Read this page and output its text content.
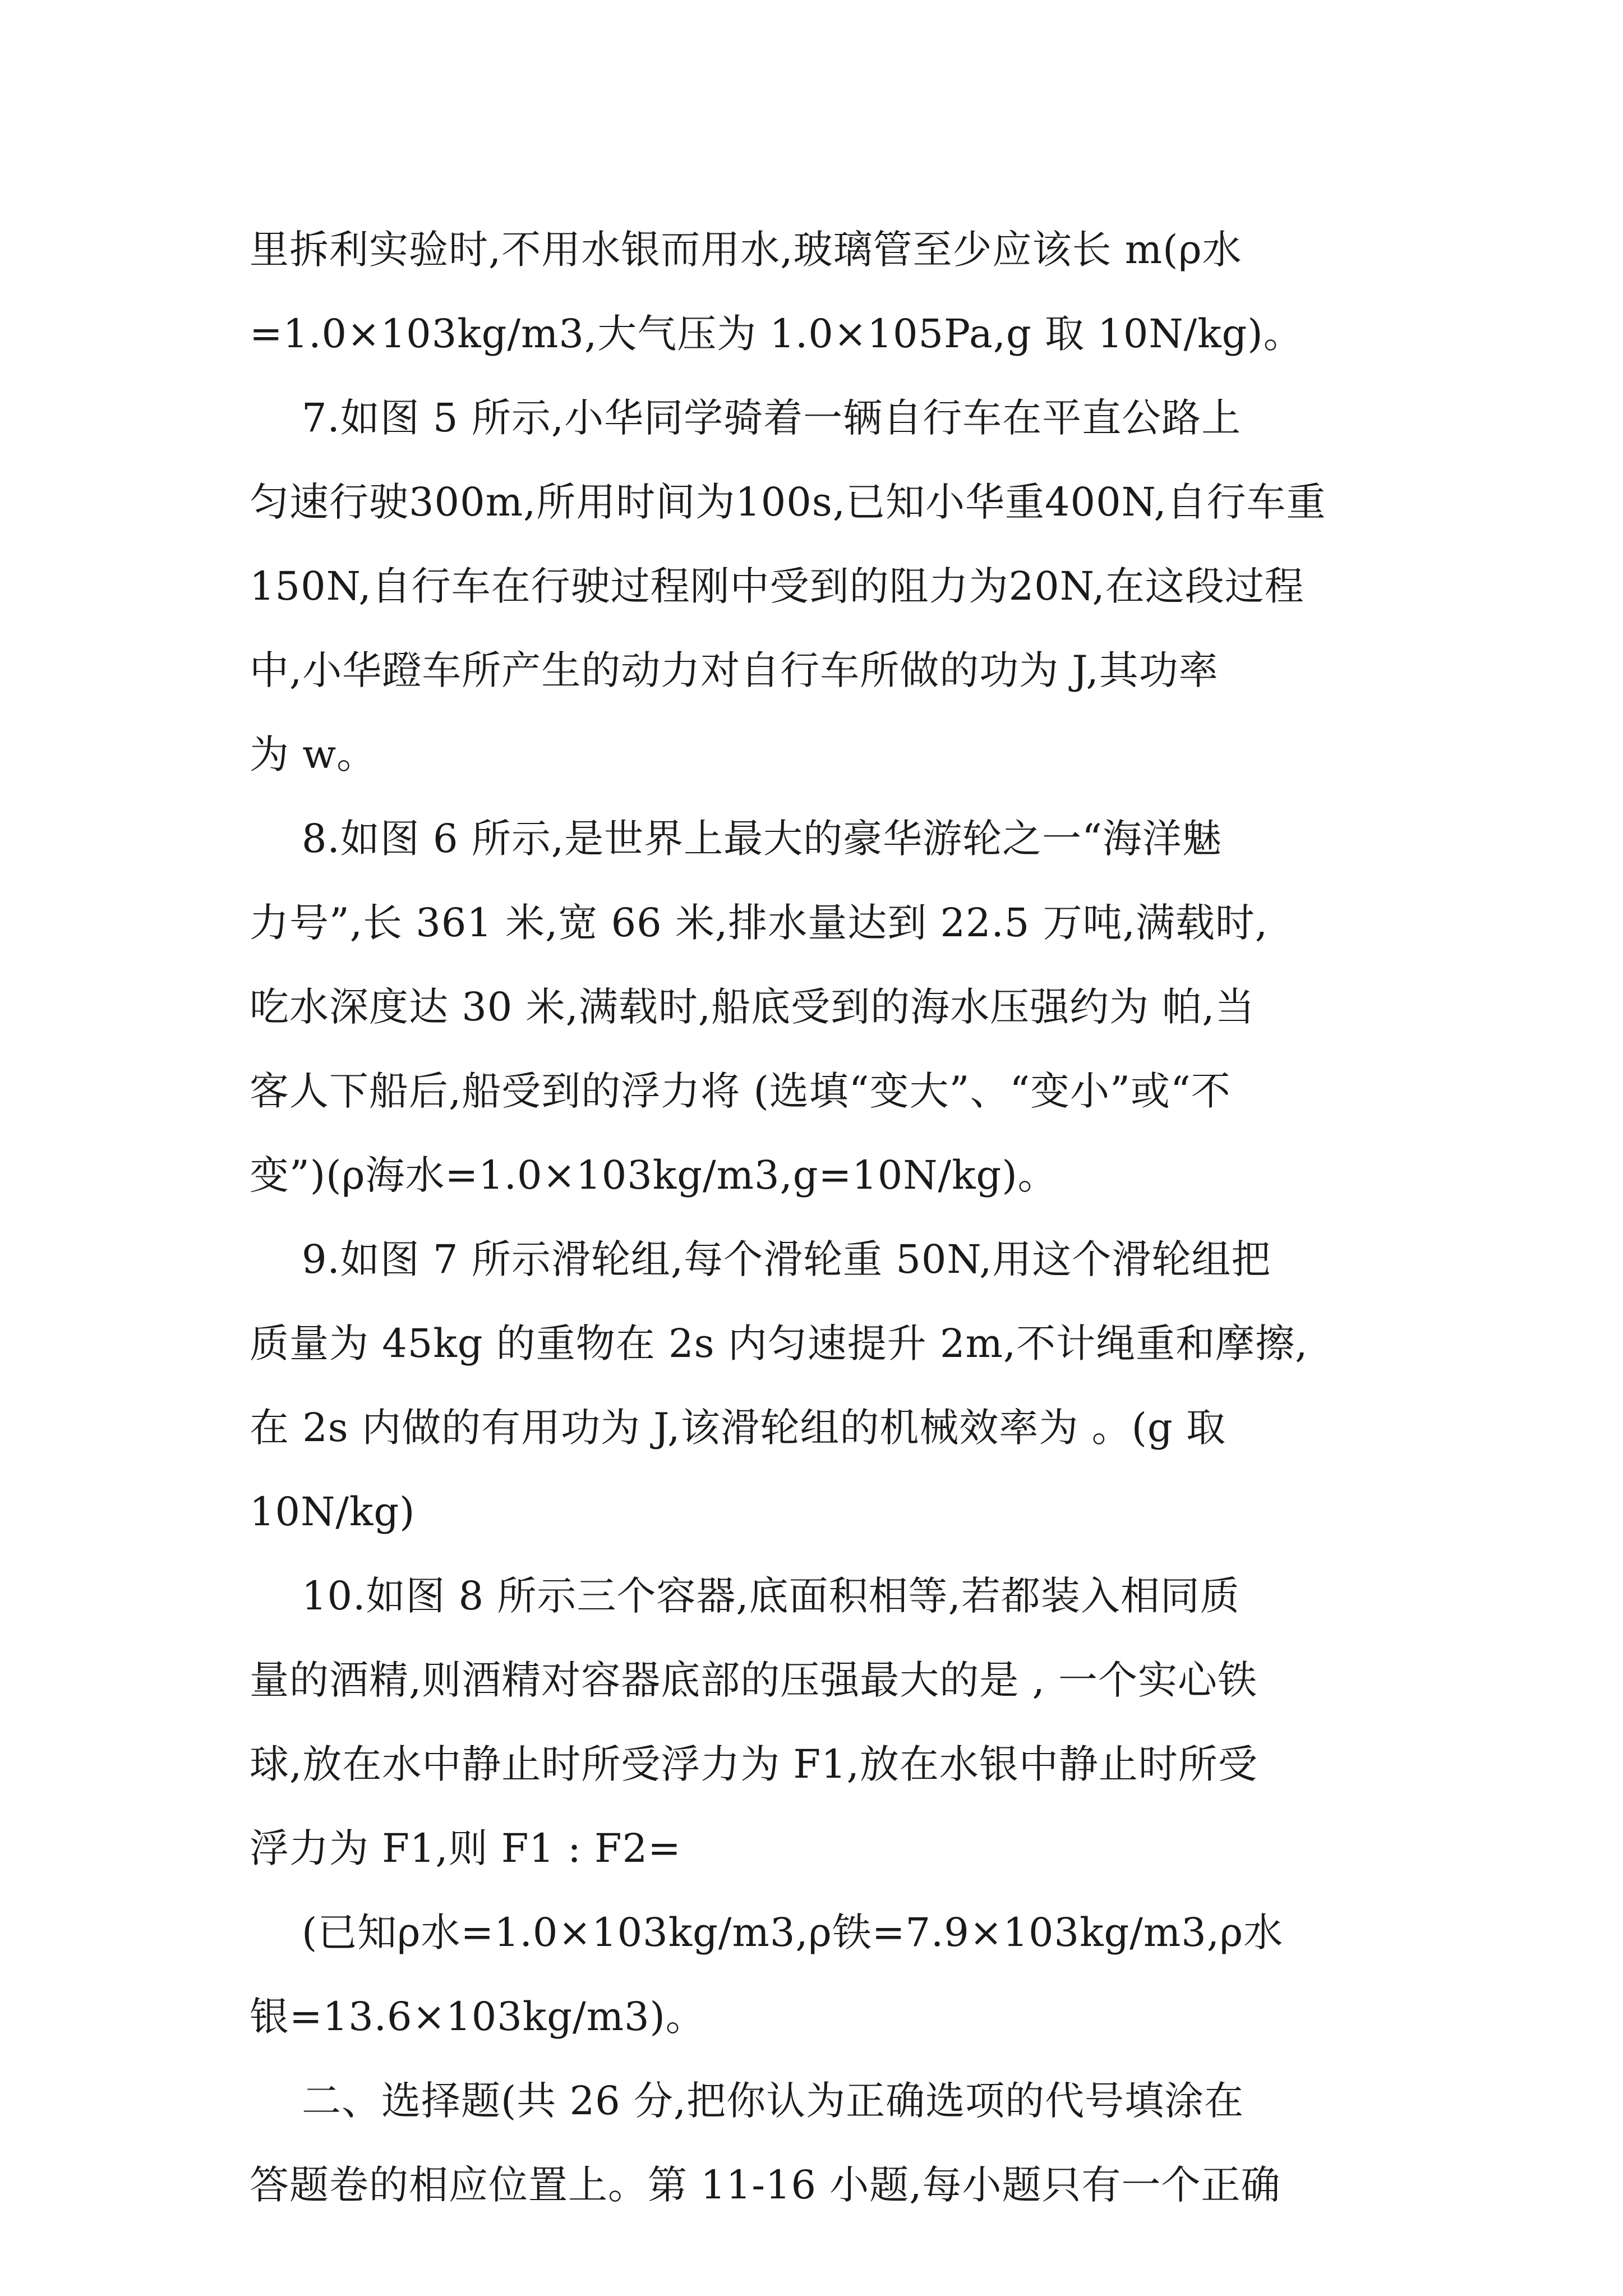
里拆利实验时,不用水银而用水,玻璃管至少应该长 m(ρ水
=1.0×103kg/m3,大气压为 1.0×105Pa,g 取 10N/kg)。
7.如图 5 所示,小华同学骑着一辆自行车在平直公路上
匀速行驶300m,所用时间为100s,已知小华重400N,自行车重
150N,自行车在行驶过程刚中受到的阻力为20N,在这段过程
中,小华蹬车所产生的动力对自行车所做的功为 J,其功率
为 w。
8.如图 6 所示,是世界上最大的豪华游轮之一“海洋魅
力号”,长 361 米,宽 66 米,排水量达到 22.5 万吨,满载时,
吃水深度达 30 米,满载时,船底受到的海水压强约为 帕,当
客人下船后,船受到的浮力将 (选填“变大”、“变小”或“不
变”)(ρ海水=1.0×103kg/m3,g=10N/kg)。
9.如图 7 所示滑轮组,每个滑轮重 50N,用这个滑轮组把
质量为 45kg 的重物在 2s 内匀速提升 2m,不计绳重和摩擦,
在 2s 内做的有用功为 J,该滑轮组的机械效率为 。(g 取
10N/kg)
10.如图 8 所示三个容器,底面积相等,若都装入相同质
量的酒精,则酒精对容器底部的压强最大的是 , 一个实心铁
球,放在水中静止时所受浮力为 F1,放在水银中静止时所受
浮力为 F1,则 F1 : F2=
(已知ρ水=1.0×103kg/m3,ρ铁=7.9×103kg/m3,ρ水
银=13.6×103kg/m3)。
二、选择题(共 26 分,把你认为正确选项的代号填涂在
答题卷的相应位置上。第 11-16 小题,每小题只有一个正确
